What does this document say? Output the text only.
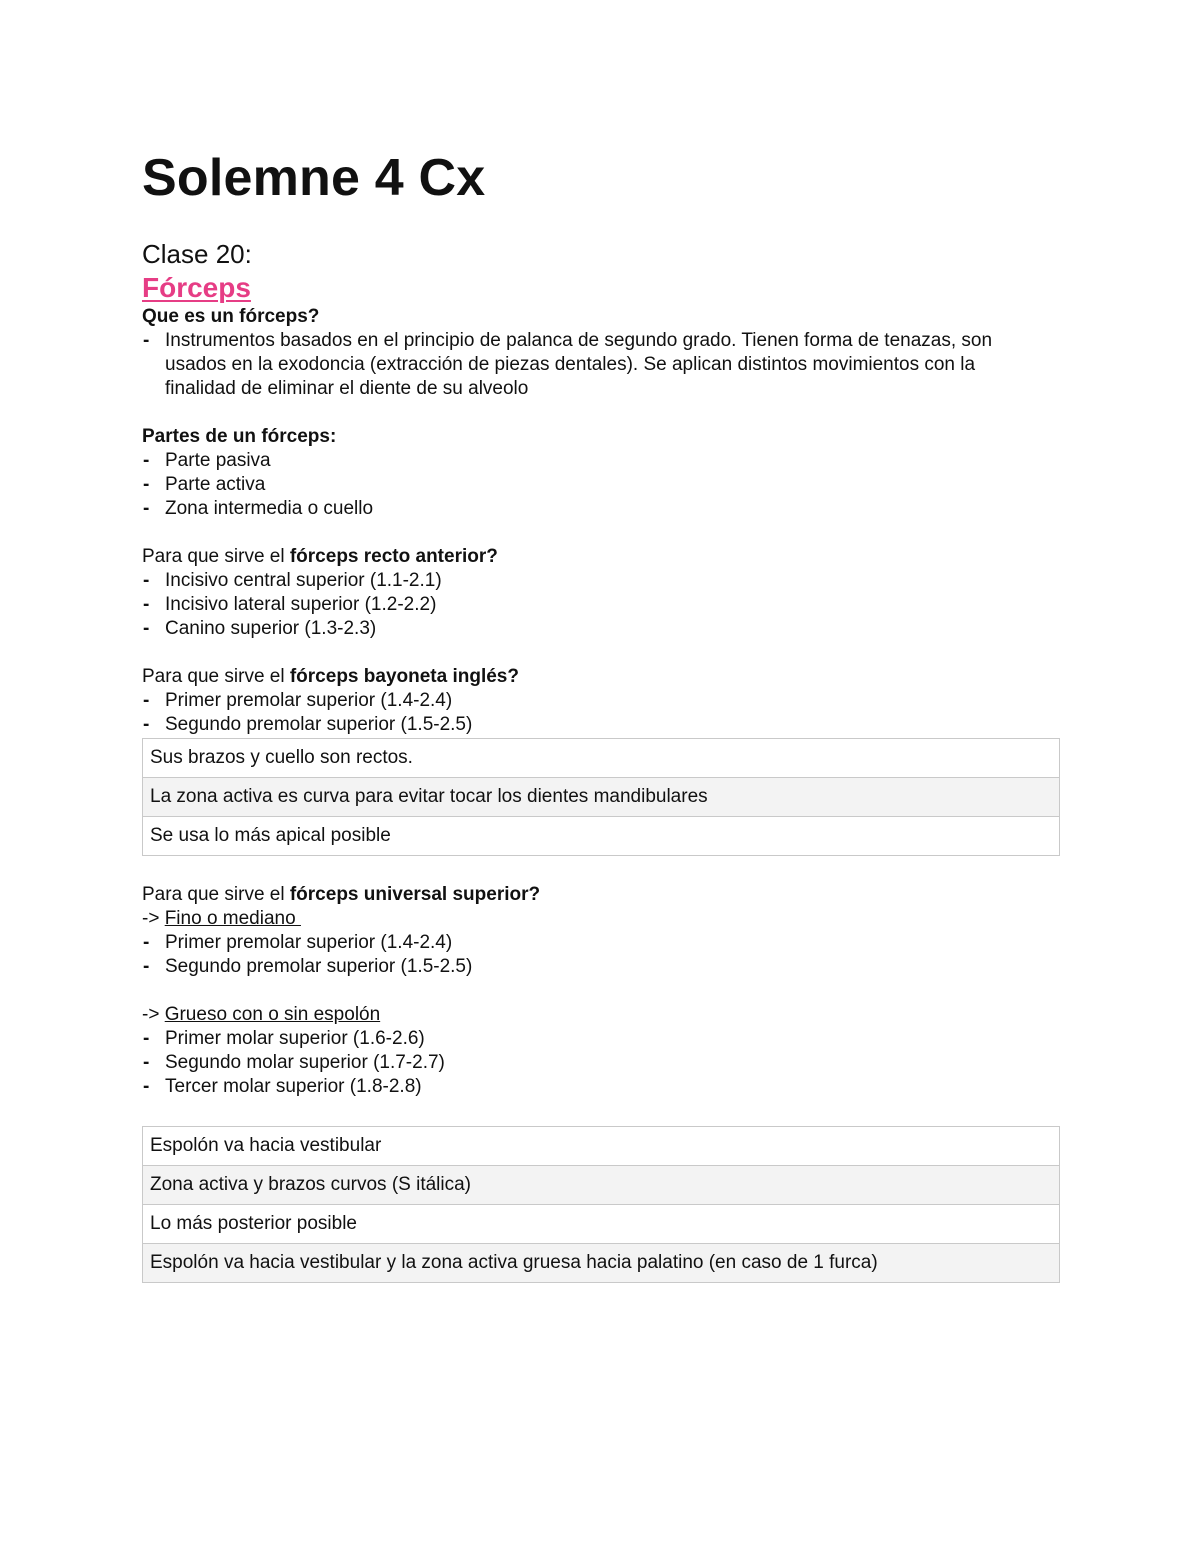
Solemne 4 Cx
Clase 20:
Fórceps
Que es un fórceps?
- Instrumentos basados en el principio de palanca de segundo grado. Tienen forma de tenazas, son usados en la exodoncia (extracción de piezas dentales). Se aplican distintos movimientos con la finalidad de eliminar el diente de su alveolo
Partes de un fórceps:
- Parte pasiva
- Parte activa
- Zona intermedia o cuello
Para que sirve el fórceps recto anterior?
- Incisivo central superior (1.1-2.1)
- Incisivo lateral superior (1.2-2.2)
- Canino superior (1.3-2.3)
Para que sirve el fórceps bayoneta inglés?
- Primer premolar superior (1.4-2.4)
- Segundo premolar superior (1.5-2.5)
Sus brazos y cuello son rectos.
La zona activa es curva para evitar tocar los dientes mandibulares
Se usa lo más apical posible
Para que sirve el fórceps universal superior?
-> Fino o mediano
- Primer premolar superior (1.4-2.4)
- Segundo premolar superior (1.5-2.5)
-> Grueso con o sin espolón
- Primer molar superior (1.6-2.6)
- Segundo molar superior (1.7-2.7)
- Tercer molar superior (1.8-2.8)
Espolón va hacia vestibular
Zona activa y brazos curvos (S itálica)
Lo más posterior posible
Espolón va hacia vestibular y la zona activa gruesa hacia palatino (en caso de 1 furca)
